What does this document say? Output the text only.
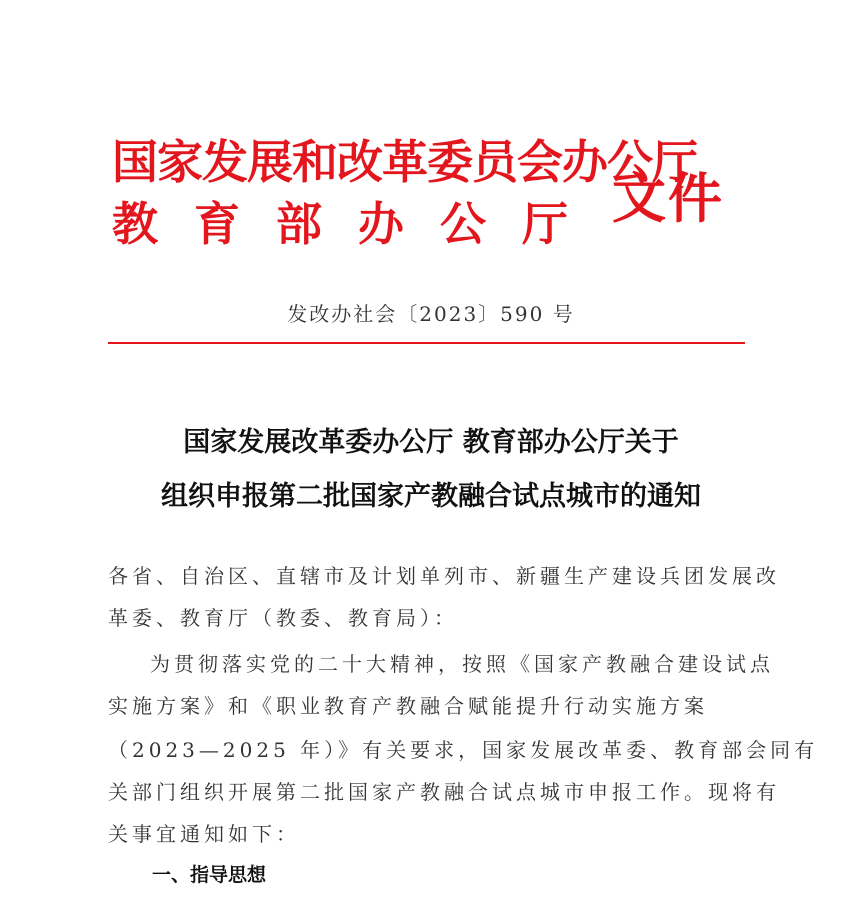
国家发展和改革委员会办公厅
教育部办公厅 文件
发改办社会〔2023〕590 号
国家发展改革委办公厅 教育部办公厅关于
组织申报第二批国家产教融合试点城市的通知
各省、自治区、直辖市及计划单列市、新疆生产建设兵团发展改
革委、教育厅（教委、教育局）：
为贯彻落实党的二十大精神，按照《国家产教融合建设试点
实施方案》和《职业教育产教融合赋能提升行动实施方案
（2023—2025 年）》有关要求，国家发展改革委、教育部会同有
关部门组织开展第二批国家产教融合试点城市申报工作。现将有
关事宜通知如下：
一、指导思想
